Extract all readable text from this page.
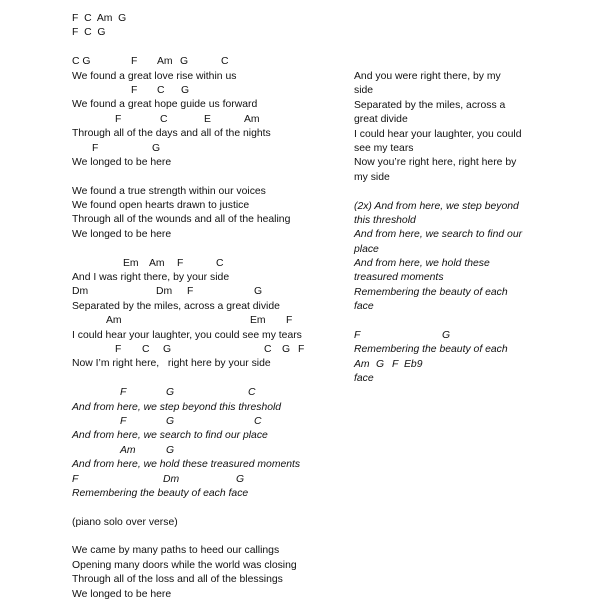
F  C  Am  G
F  C  G
C G	F Am G	C
We found a great love rise within us
F C G
We found a great hope guide us forward
F	C	E	Am
Through all of the days and all of the nights
F	G
We longed to be here
We found a true strength within our voices
We found open hearts drawn to justice
Through all of the wounds and all of the healing
We longed to be here
Em Am F	C
And I was right there, by your side
Dm	Dm F	G
Separated by the miles, across a great divide
Am	Em F
I could hear your laughter, you could see my tears
F C G	C G F
Now I’m right here,   right here by your side
F	G	C
And from here, we step beyond this threshold
F	G	C
And from here, we search to find our place
Am	G
And from here, we hold these treasured moments
F	Dm	G
Remembering the beauty of each face
(piano solo over verse)
We came by many paths to heed our callings
Opening many doors while the world was closing
Through all of the loss and all of the blessings
We longed to be here
And you were right there, by my
side
Separated by the miles, across a
great divide
I could hear your laughter, you could
see my tears
Now you’re right here, right here by
my side
(2x) And from here, we step beyond
this threshold
And from here, we search to find our
place
And from here, we hold these
treasured moments
Remembering the beauty of each
face
F	G
Remembering the beauty of each
Am G F Eb9
face
